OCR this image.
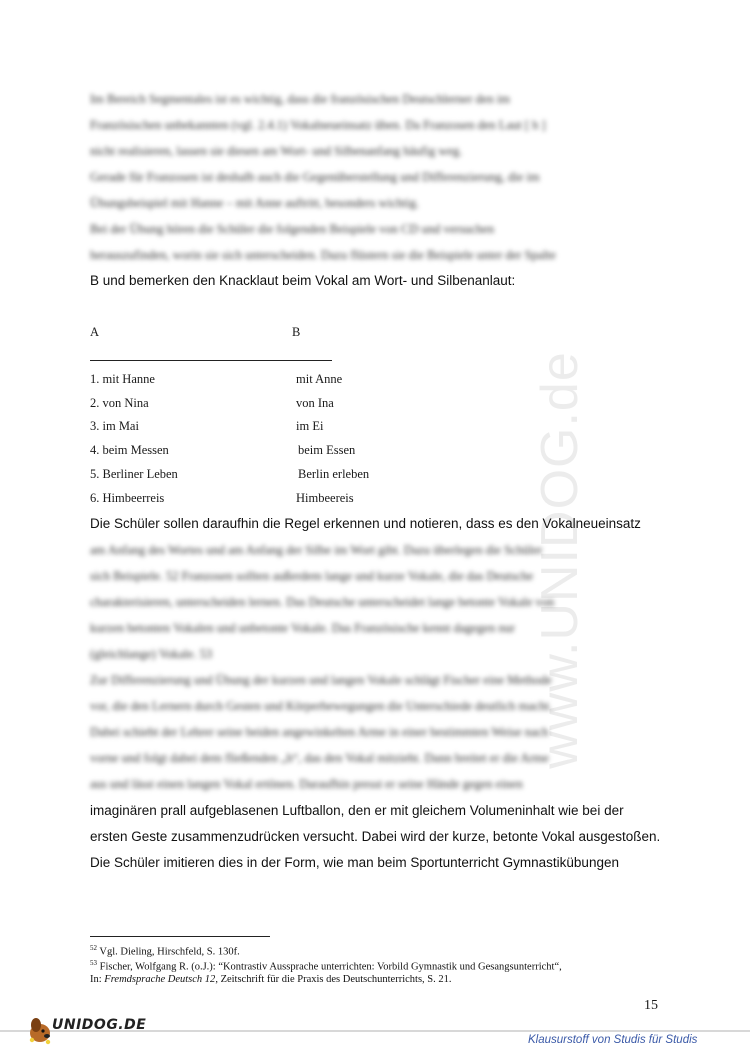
www.UNIDOG.de
Im Bereich Segmentales ist es wichtig, dass die französischen Deutschlerner den im
Französischen unbekannten (vgl. 2.4.1) Vokalneueinsatz üben. Da Franzosen den Laut [ h ]
nicht realisieren, lassen sie diesen am Wort- und Silbenanfang häufig weg.
Gerade für Franzosen ist deshalb auch die Gegenüberstellung und Differenzierung, die im
Übungsbeispiel mit Hanne – mit Anne auftritt, besonders wichtig.
Bei der Übung hören die Schüler die folgenden Beispiele von CD und versuchen
herauszufinden, worin sie sich unterscheiden. Dazu flüstern sie die Beispiele unter der Spalte
B und bemerken den Knacklaut beim Vokal am Wort- und Silbenanlaut:
A	B
1. mit Hanne	mit Anne
2. von Nina	von Ina
3. im Mai	im Ei
4. beim Messen	beim Essen
5. Berliner Leben	Berlin erleben
6. Himbeerreis	Himbeereis
Die Schüler sollen daraufhin die Regel erkennen und notieren, dass es den Vokalneueinsatz
am Anfang des Wortes und am Anfang der Silbe im Wort gibt. Dazu überlegen die Schüler
sich Beispiele. 52 Franzosen sollten außerdem lange und kurze Vokale, die das Deutsche
charakterisieren, unterscheiden lernen. Das Deutsche unterscheidet lange betonte Vokale von
kurzen betonten Vokalen und unbetonte Vokale. Das Französische kennt dagegen nur
(gleichlange) Vokale. 53
Zur Differenzierung und Übung der kurzen und langen Vokale schlägt Fischer eine Methode
vor, die den Lernern durch Gesten und Körperbewegungen die Unterschiede deutlich macht.
Dabei schiebt der Lehrer seine beiden angewinkelten Arme in einer bestimmten Weise nach
vorne und folgt dabei dem fließenden „h“, das den Vokal mitzieht. Dann breitet er die Arme
aus und lässt einen langen Vokal ertönen. Daraufhin presst er seine Hände gegen einen
imaginären prall aufgeblasenen Luftballon, den er mit gleichem Volumeninhalt wie bei der
ersten Geste zusammenzudrücken versucht. Dabei wird der kurze, betonte Vokal ausgestoßen.
Die Schüler imitieren dies in der Form, wie man beim Sportunterricht Gymnastikübungen
$^{52}$ Vgl. Dieling, Hirschfeld, S. 130f.
$^{53}$ Fischer, Wolfgang R. (o.J.): “Kontrastiv Aussprache unterrichten: Vorbild Gymnastik und Gesangsunterricht“,
In: Fremdsprache Deutsch 12, Zeitschrift für die Praxis des Deutschunterrichts, S. 21.
15
UNIDOG.DE
Klausurstoff von Studis für Studis
